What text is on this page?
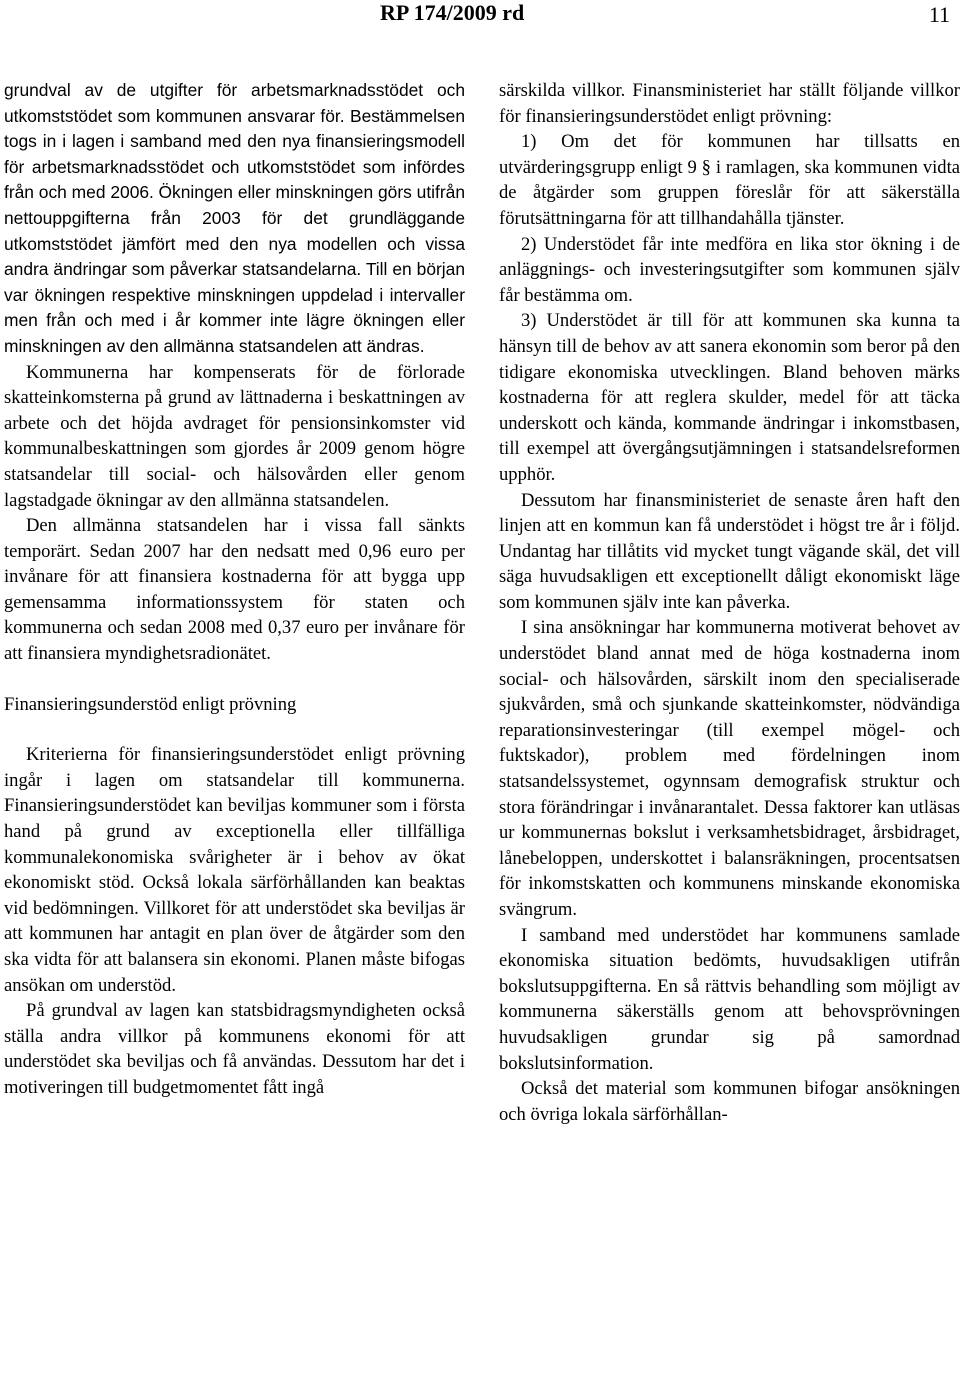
RP 174/2009 rd	11

grundval av de utgifter för arbetsmarknadsstödet och utkomststödet som kommunen ansvarar för. Bestämmelsen togs in i lagen i samband med den nya finansieringsmodell för arbetsmarknadsstödet och utkomststödet som infördes från och med 2006. Ökningen eller minskningen görs utifrån nettouppgifterna från 2003 för det grundläggande utkomststödet jämfört med den nya modellen och vissa andra ändringar som påverkar statsandelarna. Till en början var ökningen respektive minskningen uppdelad i intervaller men från och med i år kommer inte lägre ökningen eller minskningen av den allmänna statsandelen att ändras.

Kommunerna har kompenserats för de förlorade skatteinkomsterna på grund av lättnaderna i beskattningen av arbete och det höjda avdraget för pensionsinkomster vid kommunalbeskattningen som gjordes år 2009 genom högre statsandelar till social- och hälsovården eller genom lagstadgade ökningar av den allmänna statsandelen.

Den allmänna statsandelen har i vissa fall sänkts temporärt. Sedan 2007 har den nedsatt med 0,96 euro per invånare för att finansiera kostnaderna för att bygga upp gemensamma informationssystem för staten och kommunerna och sedan 2008 med 0,37 euro per invånare för att finansiera myndighetsradionätet.

Finansieringsunderstöd enligt prövning

Kriterierna för finansieringsunderstödet enligt prövning ingår i lagen om statsandelar till kommunerna. Finansieringsunderstödet kan beviljas kommuner som i första hand på grund av exceptionella eller tillfälliga kommunalekonomiska svårigheter är i behov av ökat ekonomiskt stöd. Också lokala särförhållanden kan beaktas vid bedömningen. Villkoret för att understödet ska beviljas är att kommunen har antagit en plan över de åtgärder som den ska vidta för att balansera sin ekonomi. Planen måste bifogas ansökan om understöd.

På grundval av lagen kan statsbidragsmyndigheten också ställa andra villkor på kommunens ekonomi för att understödet ska beviljas och få användas. Dessutom har det i motiveringen till budgetmomentet fått ingå

särskilda villkor. Finansministeriet har ställt följande villkor för finansieringsunderstödet enligt prövning:

1) Om det för kommunen har tillsatts en utvärderingsgrupp enligt 9 § i ramlagen, ska kommunen vidta de åtgärder som gruppen föreslår för att säkerställa förutsättningarna för att tillhandahålla tjänster.

2) Understödet får inte medföra en lika stor ökning i de anläggnings- och investeringsutgifter som kommunen själv får bestämma om.

3) Understödet är till för att kommunen ska kunna ta hänsyn till de behov av att sanera ekonomin som beror på den tidigare ekonomiska utvecklingen. Bland behoven märks kostnaderna för att reglera skulder, medel för att täcka underskott och kända, kommande ändringar i inkomstbasen, till exempel att övergångsutjämningen i statsandelsreformen upphör.

Dessutom har finansministeriet de senaste åren haft den linjen att en kommun kan få understödet i högst tre år i följd. Undantag har tillåtits vid mycket tungt vägande skäl, det vill säga huvudsakligen ett exceptionellt dåligt ekonomiskt läge som kommunen själv inte kan påverka.

I sina ansökningar har kommunerna motiverat behovet av understödet bland annat med de höga kostnaderna inom social- och hälsovården, särskilt inom den specialiserade sjukvården, små och sjunkande skatteinkomster, nödvändiga reparationsinvesteringar (till exempel mögel- och fuktskador), problem med fördelningen inom statsandelssystemet, ogynnsam demografisk struktur och stora förändringar i invånarantalet. Dessa faktorer kan utläsas ur kommunernas bokslut i verksamhetsbidraget, årsbidraget, lånebeloppen, underskottet i balansräkningen, procentsatsen för inkomstskatten och kommunens minskande ekonomiska svängrum.

I samband med understödet har kommunens samlade ekonomiska situation bedömts, huvudsakligen utifrån bokslutsuppgifterna. En så rättvis behandling som möjligt av kommunerna säkerställs genom att behovsprövningen huvudsakligen grundar sig på samordnad bokslutsinformation.

Också det material som kommunen bifogar ansökningen och övriga lokala särförhållan-
